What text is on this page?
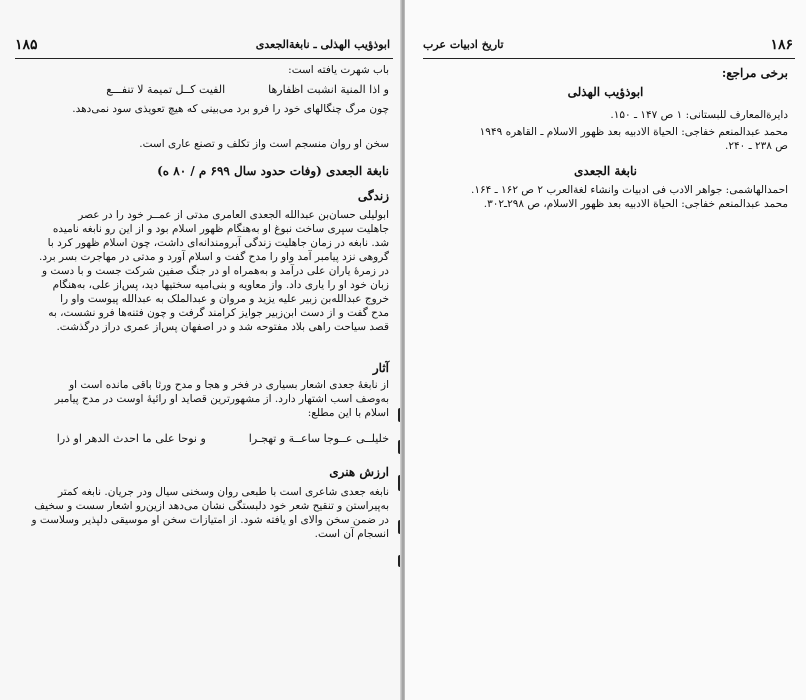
١٨۵	ابوذؤیب الهذلی ـ نابغة‌الجعدی
باب شهرت یافته است:
و اذا المنیة انشبت اظفارها  الفیت کــل تمیمة لا تنفـــع
چون مرگ چنگالهای خود را فرو برد می‌بینی که هیچ تعویذی سود نمی‌دهد.
سخن او روان منسجم است واز تکلف و تصنع عاری است.
نابغة الجعدی (وفات حدود سال ۶۹۹ م / ۸۰ ه)
زندگی
ابولیلی حسان‌بن عبدالله الجعدی العامری مدتی از عمــر خود را در عصر
جاهلیت سپری ساخت نبوغ او به‌هنگام ظهور اسلام بود و از این رو نابغه نامیده
شد. نابغه در زمان جاهلیت زندگی آبرومندانه‌ای داشت، چون اسلام ظهور کرد با
گروهی نزد پیامبر آمد واو را مدح گفت و اسلام آورد و مدتی در مهاجرت بسر برد.
در زمرهٔ یاران علی درآمد و به‌همراه او در جنگ صفین شرکت جست و با دست و
زبان خود او را یاری داد. واز معاویه و بنی‌امیه سختیها دید، پس‌از علی، به‌هنگام
خروج عبدالله‌بن زبیر علیه یزید و مروان و عبدالملک به عبدالله پیوست واو را
مدح گفت و از دست ابن‌زبیر جوایز کرامند گرفت و چون فتنه‌ها فرو نشست، به
قصد سیاحت راهی بلاد مفتوحه شد و در اصفهان پس‌از عمری دراز درگذشت.
آثار
از نابغهٔ جعدی اشعار بسیاری در فخر و هجا و مدح ورثا باقی مانده است او
به‌وصف اسب اشتهار دارد. از مشهورترین قصاید او رائیهٔ اوست در مدح پیامبر
اسلام با این مطلع:
خلیلــی عــوجا ساعــة و تهجـرا  و نوحا علی ما احدث الدهر او ذرا
ارزش هنری
نابغه جعدی شاعری است با طبعی روان وسخنی سیال ودر جریان. نابغه کمتر
به‌پیراستن و تنقیح شعر خود دلبستگی نشان می‌دهد ازین‌رو اشعار سست و سخیف
در ضمن سخن والای او یافته شود. از امتیازات سخن او موسیقی دلپذیر وسلاست و
انسجام آن است.
١٨۶
تاریخ ادبیات عرب
برخی مراجع:
ابوذؤیب الهذلی
دایرةالمعارف للبستانی: ۱ ص ۱۴۷ ـ ۱۵۰.
محمد عبدالمنعم خفاجی: الحیاة الادبیه بعد ظهور الاسلام ـ القاهره ۱۹۴۹
ص ۲۳۸ ـ ۲۴۰.
نابغة الجعدی
احمدالهاشمی: جواهر الادب فی ادبیات وانشاء لغةالعرب ۲ ص ۱۶۲ ـ ۱۶۴.
محمد عبدالمنعم خفاجی: الحیاة الادبیه بعد ظهور الاسلام، ص ۲۹۸ـ۳۰۲.
